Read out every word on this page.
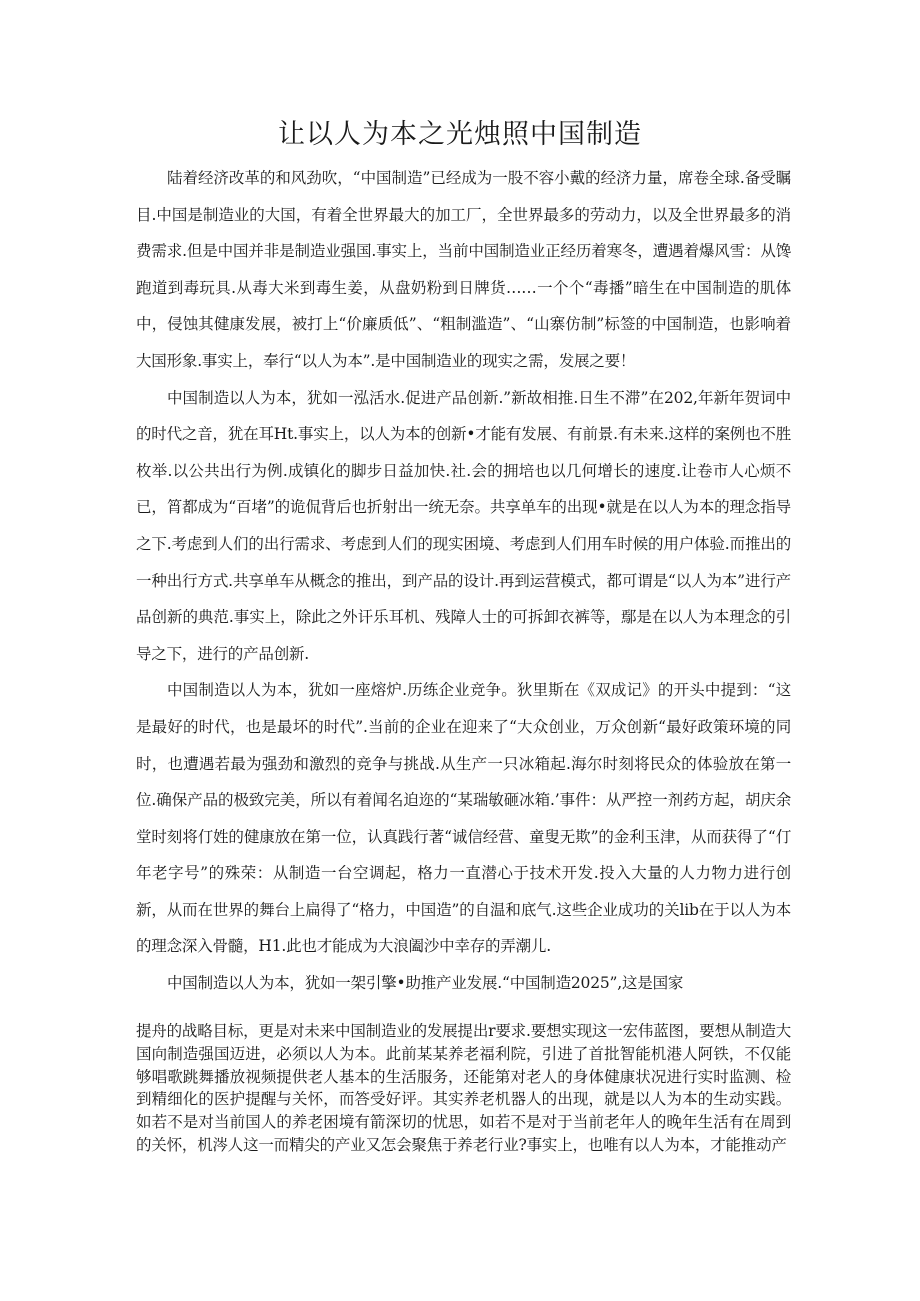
让以人为本之光烛照中国制造

陆着经济改革的和风劲吹，“中国制造”已经成为一股不容小戴的经济力量，席卷全球.备受瞩目.中国是制造业的大国，有着全世界最大的加工厂，全世界最多的劳动力，以及全世界最多的消费需求.但是中国并非是制造业强国.事实上，当前中国制造业正经历着寒冬，遭遇着爆风雪：从馋跑道到毒玩具.从毒大米到毒生姜，从盘奶粉到日牌货……一个个“毒播”暗生在中国制造的肌体中，侵蚀其健康发展，被打上“价廉质低”、“粗制滥造”、“山寨仿制”标签的中国制造，也影响着大国形象.事实上，奉行“以人为本”.是中国制造业的现实之需，发展之要！

中国制造以人为本，犹如一泓活水.促进产品创新.”新故相推.日生不滞”在202,年新年贺词中的时代之音，犹在耳Ht.事实上，以人为本的创新•才能有发展、有前景.有未来.这样的案例也不胜枚举.以公共出行为例.成镇化的脚步日益加快.社.会的拥培也以几何增长的速度.让卷市人心烦不已，筲都成为“百堵”的诡侃背后也折射出一统无奈。共享单车的出现•就是在以人为本的理念指导之下.考虑到人们的出行需求、考虑到人们的现实困境、考虑到人们用车时候的用户体验.而推出的一种出行方式.共享单车从概念的推出，到产品的设计.再到运营模式，都可谓是“以人为本”进行产品创新的典范.事实上，除此之外讦乐耳机、残障人士的可拆卸衣裤等，鄢是在以人为本理念的引导之下，进行的产品创新.

中国制造以人为本，犹如一座熔炉.历练企业竞争。狄里斯在《双成记》的开头中提到：“这是最好的时代，也是最坏的时代”.当前的企业在迎来了“大众创业，万众创新“最好政策环境的同时，也遭遇若最为强劲和激烈的竞争与挑战.从生产一只冰箱起.海尔时刻将民众的体验放在第一位.确保产品的极致完美，所以有着闻名迫迩的“某瑞敏砸冰箱.’事件：从严控一剂药方起，胡庆余堂时刻将仃姓的健康放在第一位，认真践行著“诚信经营、童叟无欺”的金利玉津，从而获得了“仃年老字号”的殊荣：从制造一台空调起，格力一直潜心于技术开发.投入大量的人力物力进行创新，从而在世界的舞台上扁得了“格力，中国造”的自温和底气.这些企业成功的关lib在于以人为本的理念深入骨髓，H1.此也才能成为大浪阖沙中幸存的弄潮儿.

中国制造以人为本，犹如一架引擎•助推产业发展.“中国制造2025”,这是国家

提舟的战略目标，更是对未来中国制造业的发展提出r要求.要想实现这一宏伟蓝图，要想从制造大国向制造强国迈进，必须以人为本。此前某某养老福利院，引进了首批智能机港人阿铁，不仅能够唱歌跳舞播放视频提供老人基本的生活服务，还能第对老人的身体健康状况进行实时监测、检到精细化的医护提醒与关怀，而答受好评。其实养老机器人的出现，就是以人为本的生动实践。如若不是对当前国人的养老困境有箭深切的忧思，如若不是对于当前老年人的晚年生活有在周到的关怀，机涔人这一而精尖的产业又怎会聚焦于养老行业?事实上，也唯有以人为本，才能推动产
